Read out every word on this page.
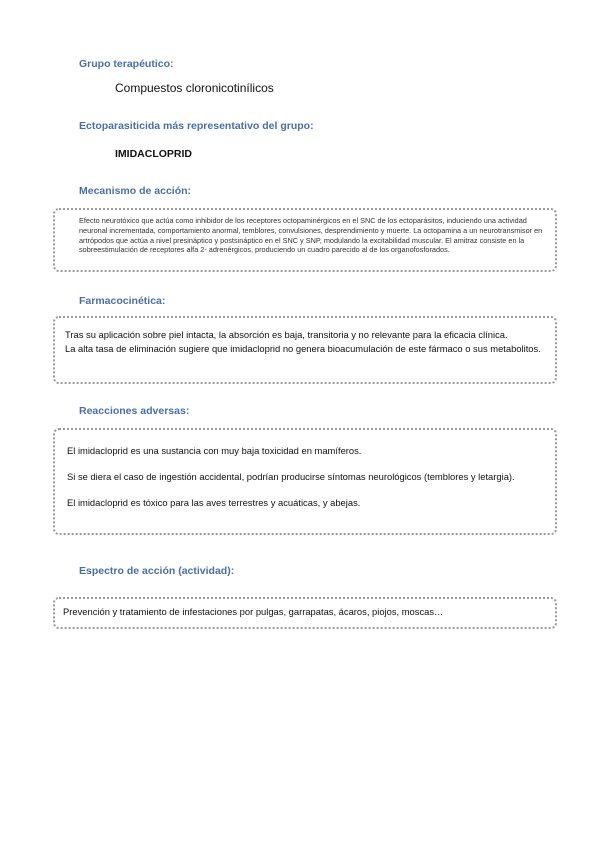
Grupo terapéutico:
Compuestos cloronicotinílicos
Ectoparasiticida más representativo del grupo:
IMIDACLOPRID
Mecanismo de acción:
Efecto neurotóxico que actúa como inhibidor de los receptores octopaminérgicos en el SNC de los ectoparásitos, induciendo una actividad neuronal incrementada, comportamiento anormal, temblores, convulsiones, desprendimiento y muerte. La octopamina a un neurotransmisor en artrópodos que actúa a nivel presináptico y postsináptico en el SNC y SNP, modulando la excitabilidad muscular. El amitraz consiste en la sobreestimulación de receptores alfa 2- adrenérgicos, produciendo un cuadro parecido al de los organofosforados.
Farmacocinética:

Tras su aplicación sobre piel intacta, la absorción es baja, transitoria y no relevante para la eficacia clínica.

La alta tasa de eliminación sugiere que imidacloprid no genera bioacumulación de este fármaco o sus metabolitos.

Reacciones adversas:

El imidacloprid es una sustancia con muy baja toxicidad en mamíferos.

Si se diera el caso de ingestión accidental, podrían producirse síntomas neurológicos (temblores y letargia).

El imidacloprid es tóxico para las aves terrestres y acuáticas, y abejas.

Espectro de acción (actividad):

Prevención y tratamiento de infestaciones por pulgas, garrapatas, ácaros, piojos, moscas…
